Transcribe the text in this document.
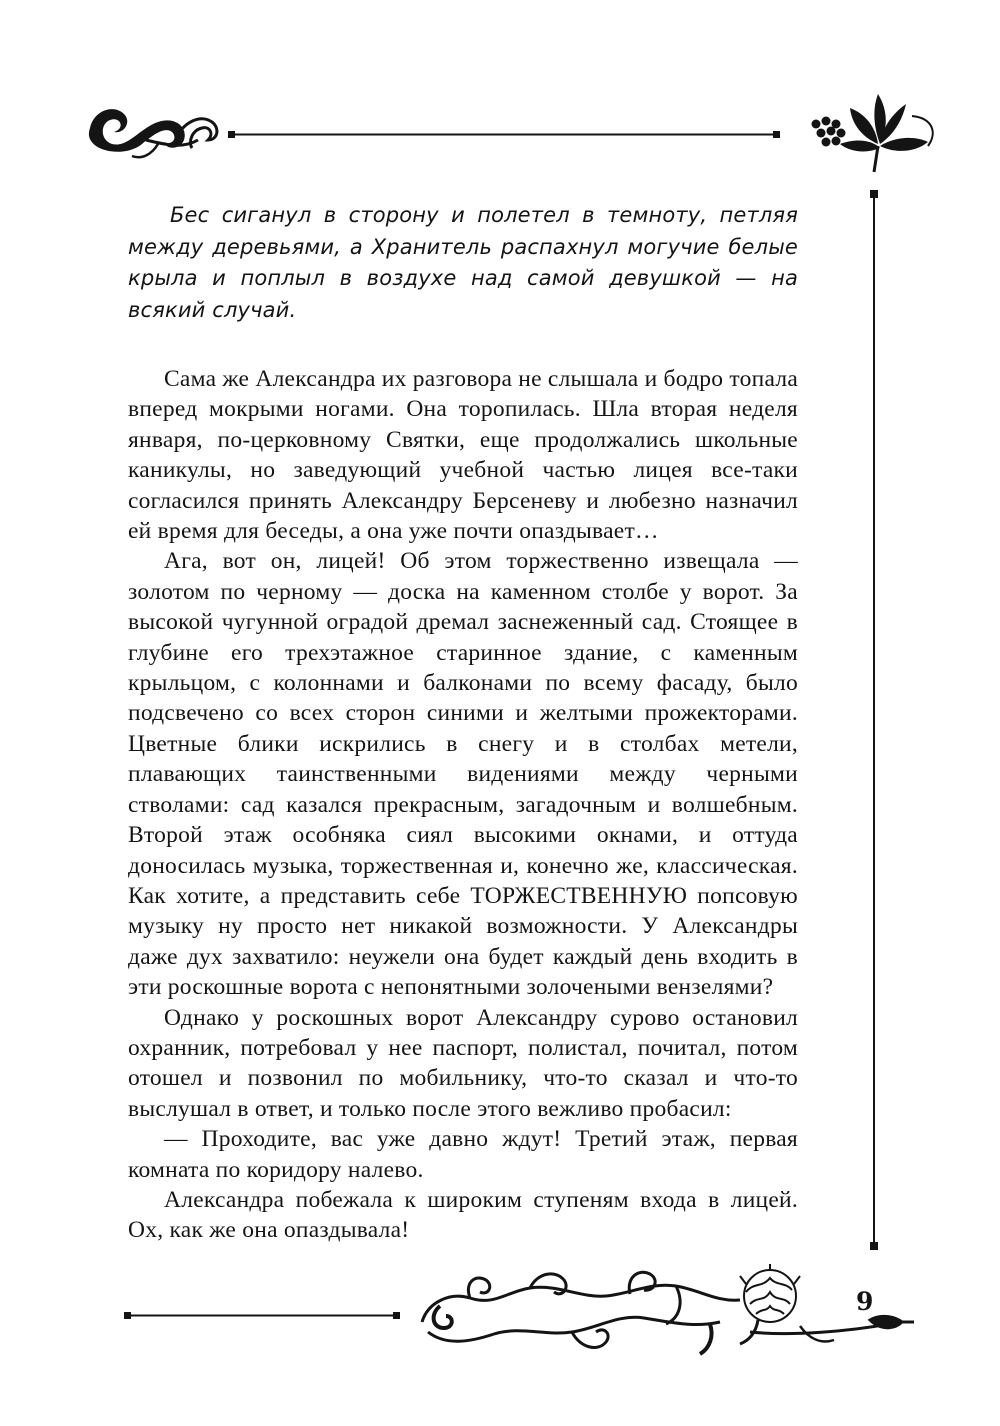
Бес сиганул в сторону и полетел в темноту, петляя между деревьями, а Хранитель распахнул могучие белые крыла и поплыл в воздухе над самой девушкой — на всякий случай.

Сама же Александра их разговора не слышала и бодро топала вперед мокрыми ногами. Она торопилась. Шла вторая неделя января, по-церковному Святки, еще продолжались школьные каникулы, но заведующий учебной частью лицея все-таки согласился принять Александру Берсеневу и любезно назначил ей время для беседы, а она уже почти опаздывает…

Ага, вот он, лицей! Об этом торжественно извещала — золотом по черному — доска на каменном столбе у ворот. За высокой чугунной оградой дремал заснеженный сад. Стоящее в глубине его трехэтажное старинное здание, с каменным крыльцом, с колоннами и балконами по всему фасаду, было подсвечено со всех сторон синими и желтыми прожекторами. Цветные блики искрились в снегу и в столбах метели, плавающих таинственными видениями между черными стволами: сад казался прекрасным, загадочным и волшебным. Второй этаж особняка сиял высокими окнами, и оттуда доносилась музыка, торжественная и, конечно же, классическая. Как хотите, а представить себе ТОРЖЕСТВЕННУЮ попсовую музыку ну просто нет никакой возможности. У Александры даже дух захватило: неужели она будет каждый день входить в эти роскошные ворота с непонятными золочеными вензелями?

Однако у роскошных ворот Александру сурово остановил охранник, потребовал у нее паспорт, полистал, почитал, потом отошел и позвонил по мобильнику, что-то сказал и что-то выслушал в ответ, и только после этого вежливо пробасил:

— Проходите, вас уже давно ждут! Третий этаж, первая комната по коридору налево.

Александра побежала к широким ступеням входа в лицей. Ох, как же она опаздывала!

9
